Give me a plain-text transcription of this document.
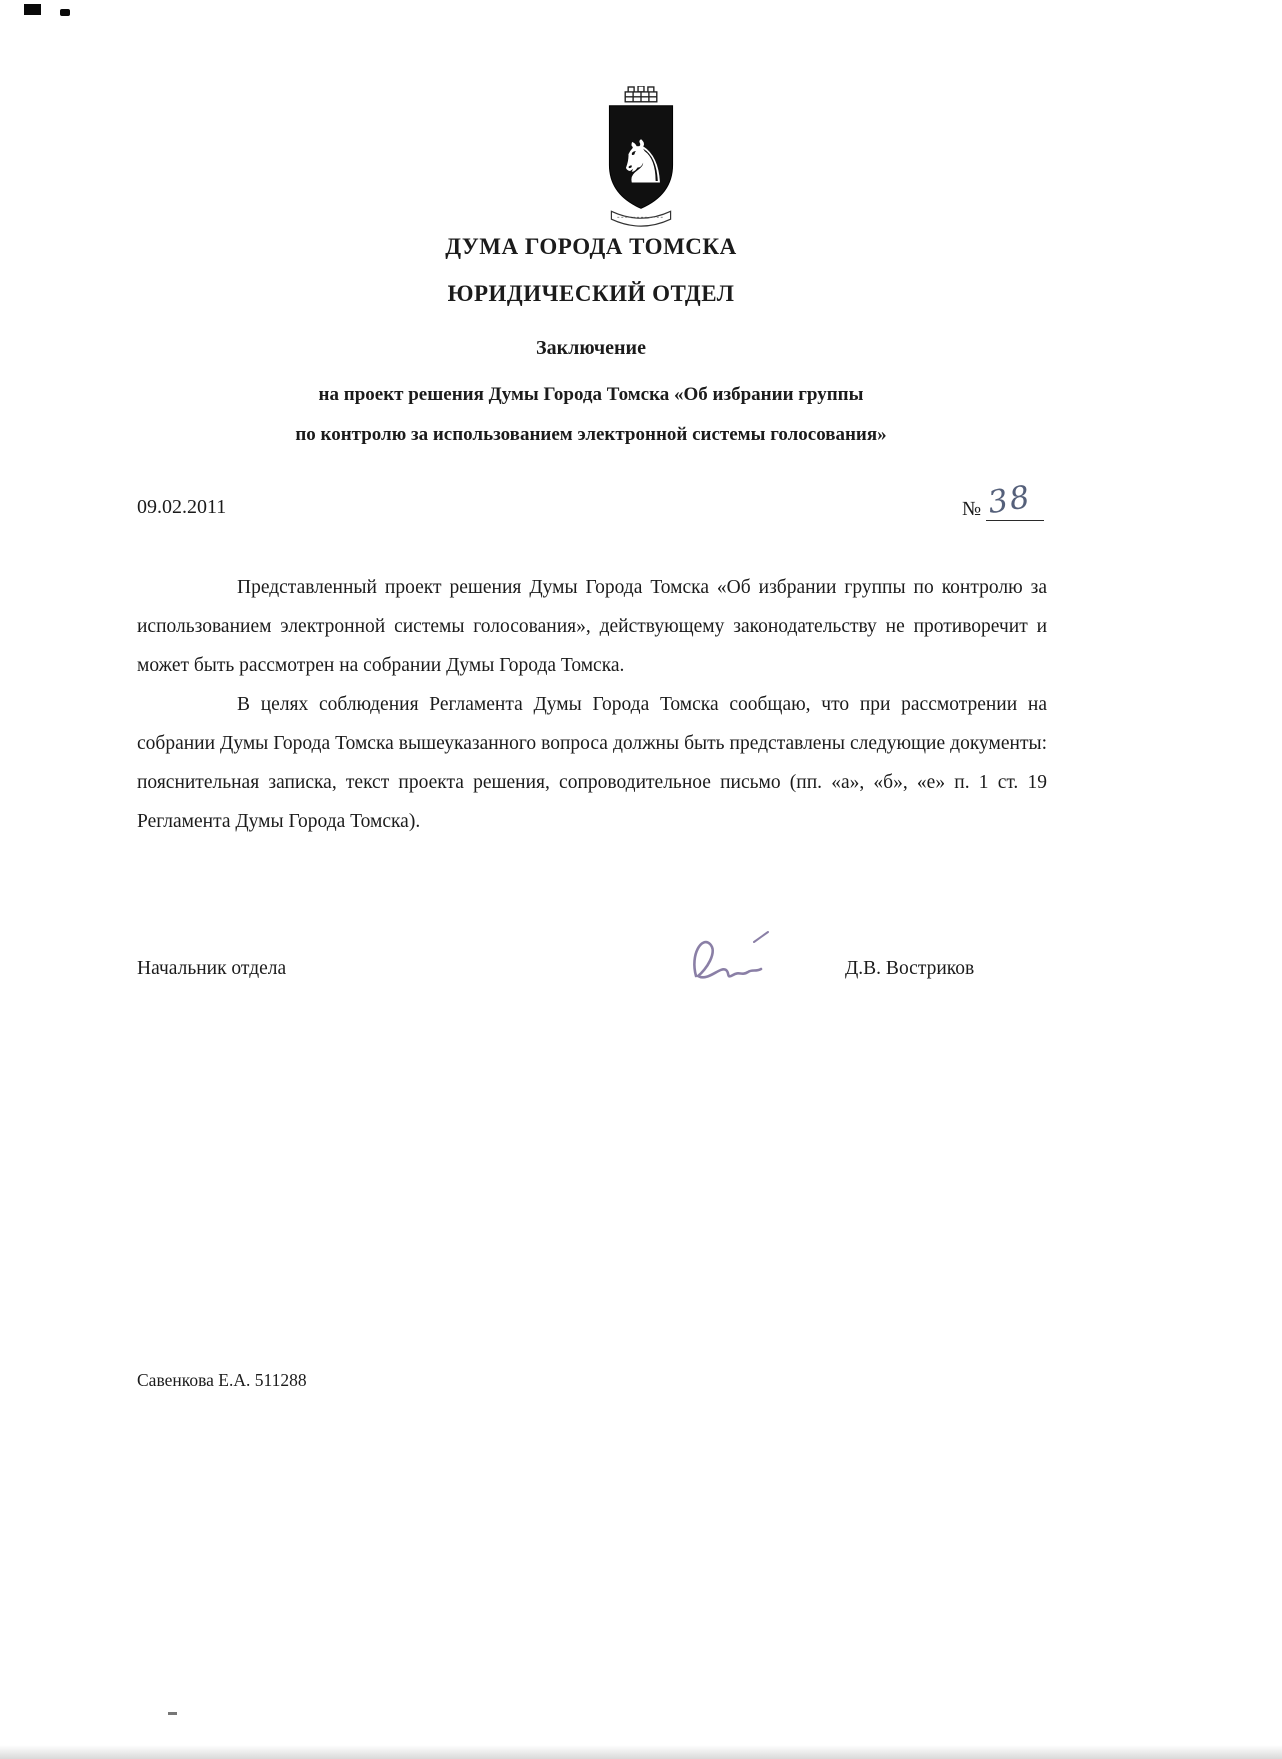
♞
ДУМА ГОРОДА ТОМСКА
ЮРИДИЧЕСКИЙ ОТДЕЛ
Заключение
на проект решения Думы Города Томска «Об избрании группы
по контролю за использованием электронной системы голосования»
09.02.2011	№ 38

Представленный проект решения Думы Города Томска «Об избрании группы по контролю за использованием электронной системы голосования», действующему законодательству не противоречит и может быть рассмотрен на собрании Думы Города Томска.

В целях соблюдения Регламента Думы Города Томска сообщаю, что при рассмотрении на собрании Думы Города Томска вышеуказанного вопроса должны быть представлены следующие документы: пояснительная записка, текст проекта решения, сопроводительное письмо (пп. «а», «б», «е» п. 1 ст. 19 Регламента Думы Города Томска).

Начальник отдела	Д.В. Востриков
Савенкова Е.А. 511288
